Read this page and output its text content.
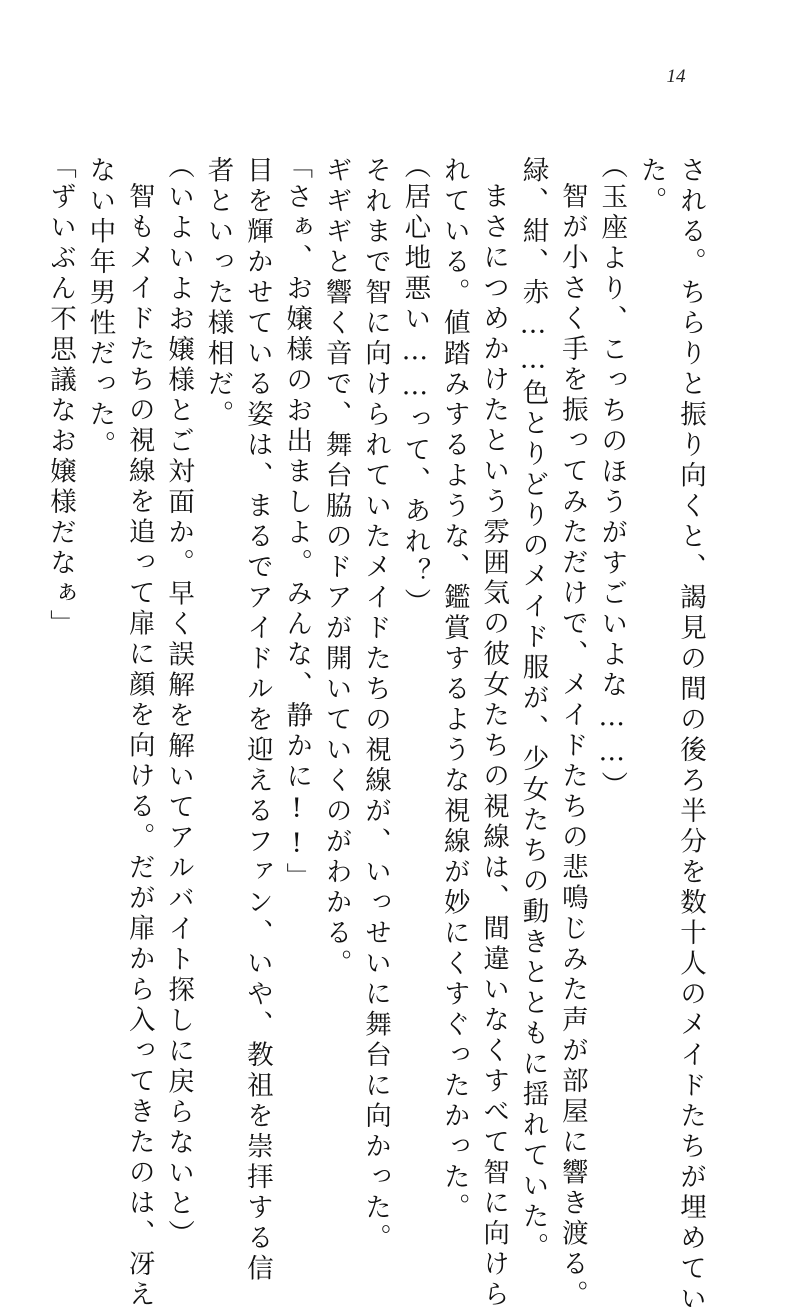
14
される。ちらりと振り向くと、謁見の間の後ろ半分を数十人のメイドたちが埋めてい
た。
（玉座より、こっちのほうがすごいよな……）
智が小さく手を振ってみただけで、メイドたちの悲鳴じみた声が部屋に響き渡る。
緑、紺、赤……色とりどりのメイド服が、少女たちの動きとともに揺れていた。
まさにつめかけたという雰囲気の彼女たちの視線は、間違いなくすべて智に向けら
れている。値踏みするような、鑑賞するような視線が妙にくすぐったかった。
（居心地悪い……って、あれ？）
それまで智に向けられていたメイドたちの視線が、いっせいに舞台に向かった。
ギギギと響く音で、舞台脇のドアが開いていくのがわかる。
「さぁ、お嬢様のお出ましよ。みんな、静かに!!」
目を輝かせている姿は、まるでアイドルを迎えるファン、いや、教祖を崇拝する信
者といった様相だ。
（いよいよお嬢様とご対面か。早く誤解を解いてアルバイト探しに戻らないと）
智もメイドたちの視線を追って扉に顔を向ける。だが扉から入ってきたのは、冴え
ない中年男性だった。
「ずいぶん不思議なお嬢様だなぁ」
